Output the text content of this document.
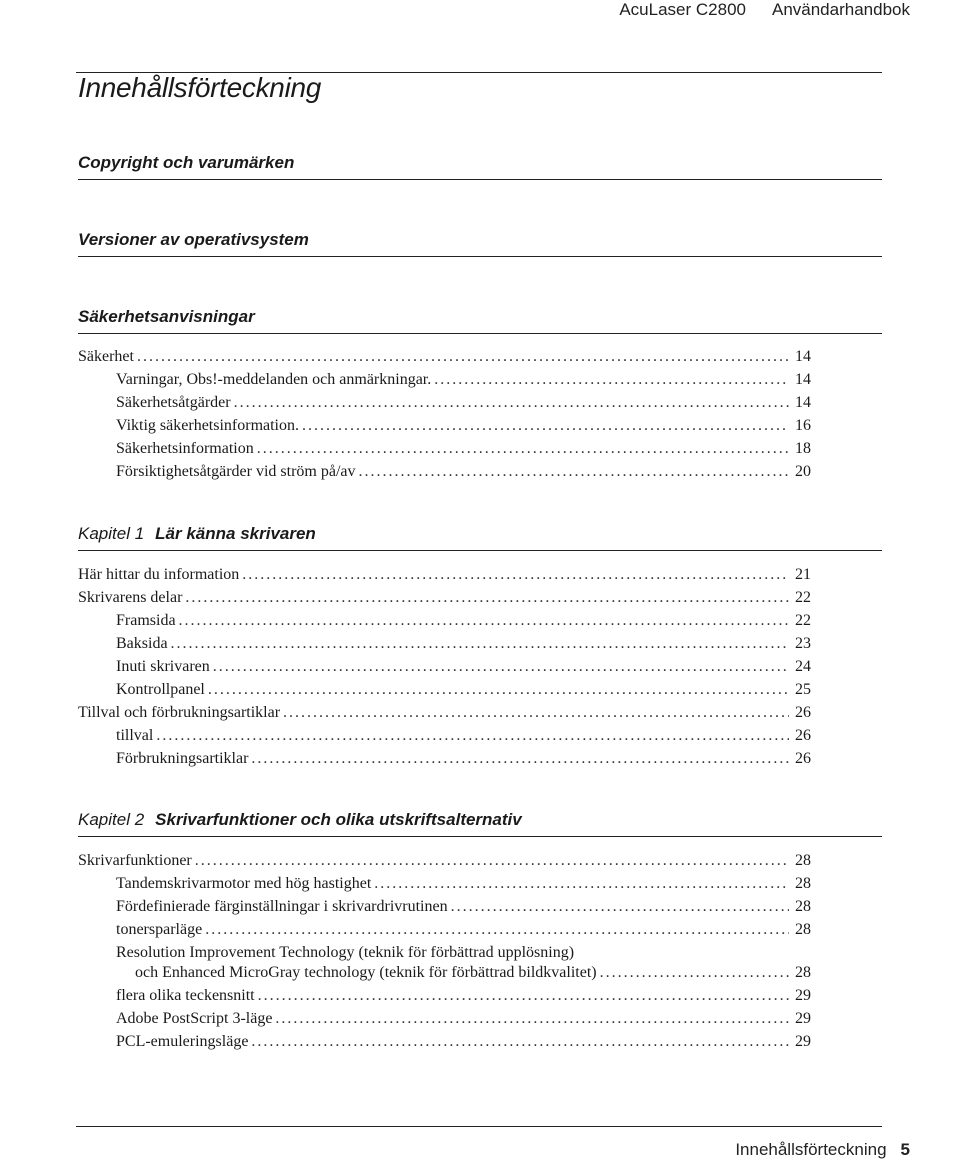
AcuLaser C2800 Användarhandbok
Innehållsförteckning
Copyright och varumärken
Versioner av operativsystem
Säkerhetsanvisningar
Säkerhet . . .	14
Varningar, Obs!-meddelanden och anmärkningar. . . .	14
Säkerhetsåtgärder . . .	14
Viktig säkerhetsinformation. . . .	16
Säkerhetsinformation . . .	18
Försiktighetsåtgärder vid ström på/av . . .	20
Kapitel 1 Lär känna skrivaren
Här hittar du information . . .	21
Skrivarens delar . . .	22
Framsida . . .	22
Baksida . . .	23
Inuti skrivaren . . .	24
Kontrollpanel . . .	25
Tillval och förbrukningsartiklar . . .	26
tillval . . .	26
Förbrukningsartiklar . . .	26
Kapitel 2 Skrivarfunktioner och olika utskriftsalternativ
Skrivarfunktioner . . .	28
Tandemskrivarmotor med hög hastighet . . .	28
Fördefinierade färginställningar i skrivardrivrutinen . . .	28
tonersparläge . . .	28
Resolution Improvement Technology (teknik för förbättrad upplösning)
och Enhanced MicroGray technology (teknik för förbättrad bildkvalitet) . . .	28
flera olika teckensnitt . . .	29
Adobe PostScript 3-läge . . .	29
PCL-emuleringsläge . . .	29
Innehållsförteckning 5
